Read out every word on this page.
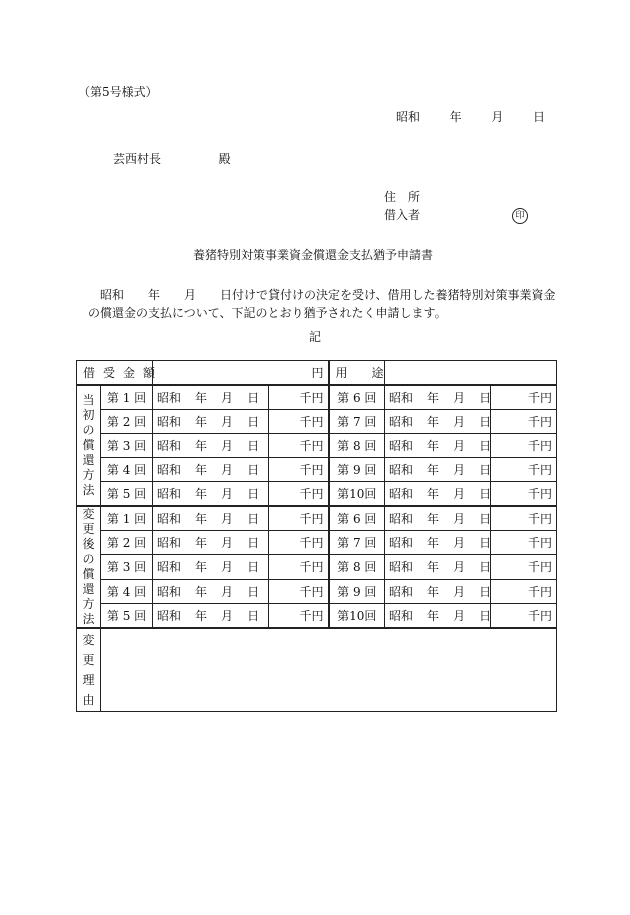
（第5号様式）
昭和 年 月 日
芸西村長	殿
住　所
借入者	印
養猪特別対策事業資金償還金支払猶予申請書
昭和　　年　　月　　日付けで貸付けの決定を受け、借用した養猪特別対策事業資金
の償還金の支払について、下記のとおり猶予されたく申請します。
記
借受金額		円		用　　途		
当初の償還方法	第 1 回	昭和 年 月 日	千円	第 6 回	昭和 年 月 日	千円
	第 2 回	昭和 年 月 日	千円	第 7 回	昭和 年 月 日	千円
	第 3 回	昭和 年 月 日	千円	第 8 回	昭和 年 月 日	千円
	第 4 回	昭和 年 月 日	千円	第 9 回	昭和 年 月 日	千円
	第 5 回	昭和 年 月 日	千円	第10回	昭和 年 月 日	千円
変更後の償還方法	第 1 回	昭和 年 月 日	千円	第 6 回	昭和 年 月 日	千円
	第 2 回	昭和 年 月 日	千円	第 7 回	昭和 年 月 日	千円
	第 3 回	昭和 年 月 日	千円	第 8 回	昭和 年 月 日	千円
	第 4 回	昭和 年 月 日	千円	第 9 回	昭和 年 月 日	千円
	第 5 回	昭和 年 月 日	千円	第10回	昭和 年 月 日	千円
変更理由						
